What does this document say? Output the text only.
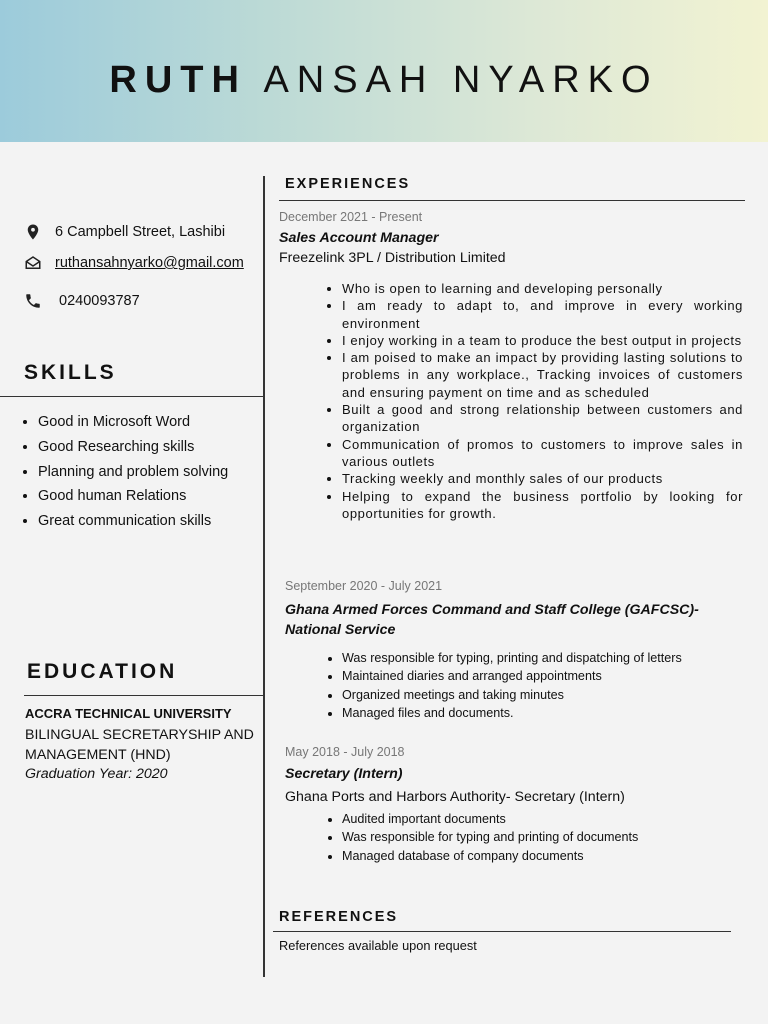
RUTH ANSAH NYARKO
6 Campbell Street, Lashibi
ruthansahnyarko@gmail.com
0240093787
SKILLS
• Good in Microsoft Word
• Good Researching skills
• Planning and problem solving
• Good human Relations
• Great communication skills
EDUCATION
ACCRA TECHNICAL UNIVERSITY
BILINGUAL SECRETARYSHIP AND MANAGEMENT (HND)
Graduation Year: 2020
EXPERIENCES
December 2021 - Present
Sales Account Manager
Freezelink 3PL / Distribution Limited
• Who is open to learning and developing personally
• I am ready to adapt to, and improve in every working environment
• I enjoy working in a team to produce the best output in projects
• I am poised to make an impact by providing lasting solutions to problems in any workplace., Tracking invoices of customers and ensuring payment on time and as scheduled
• Built a good and strong relationship between customers and organization
• Communication of promos to customers to improve sales in various outlets
• Tracking weekly and monthly sales of our products
• Helping to expand the business portfolio by looking for opportunities for growth.
September 2020 - July 2021
Ghana Armed Forces Command and Staff College (GAFCSC)-
National Service
• Was responsible for typing, printing and dispatching of letters
• Maintained diaries and arranged appointments
• Organized meetings and taking minutes
• Managed files and documents.
May 2018 - July 2018
Secretary (Intern)
Ghana Ports and Harbors Authority- Secretary (Intern)
• Audited important documents
• Was responsible for typing and printing of documents
• Managed database of company documents
REFERENCES
References available upon request
